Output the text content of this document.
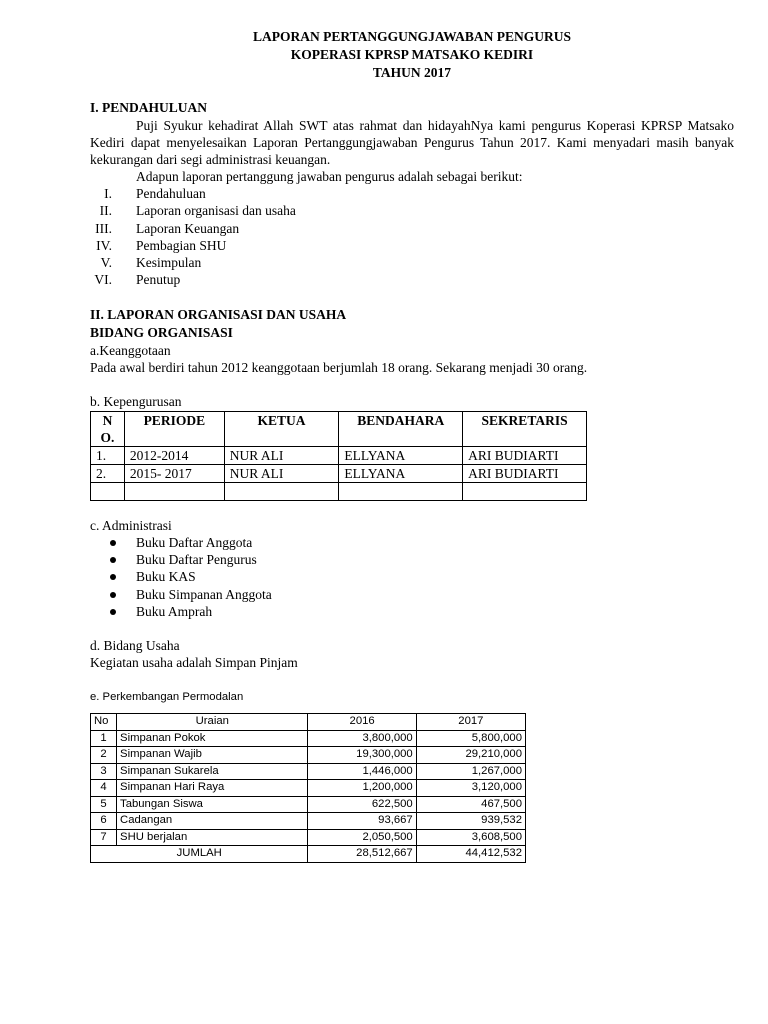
LAPORAN PERTANGGUNGJAWABAN PENGURUS
KOPERASI KPRSP MATSAKO KEDIRI
TAHUN 2017
I. PENDAHULUAN

Puji Syukur kehadirat Allah SWT atas rahmat dan hidayahNya kami pengurus Koperasi KPRSP Matsako Kediri dapat menyelesaikan Laporan Pertanggungjawaban Pengurus Tahun 2017. Kami menyadari masih banyak kekurangan dari segi administrasi keuangan.

Adapun laporan pertanggung jawaban pengurus adalah sebagai berikut:

I. Pendahuluan
II. Laporan organisasi dan usaha
III. Laporan Keuangan
IV. Pembagian SHU
V. Kesimpulan
VI. Penutup
II. LAPORAN ORGANISASI DAN USAHA
BIDANG ORGANISASI

a.Keanggotaan

Pada awal berdiri tahun 2012 keanggotaan berjumlah 18 orang. Sekarang menjadi 30 orang.

b. Kepengurusan

NO.	PERIODE	KETUA	BENDAHARA	SEKRETARIS
1.	2012-2014	NUR ALI	ELLYANA	ARI BUDIARTI
2.	2015- 2017	NUR ALI	ELLYANA	ARI BUDIARTI

c. Administrasi

Buku Daftar Anggota
Buku Daftar Pengurus
Buku KAS
Buku Simpanan Anggota
Buku Amprah

d. Bidang Usaha

Kegiatan usaha adalah Simpan Pinjam

e. Perkembangan Permodalan

No	Uraian	2016	2017
1	Simpanan Pokok	3,800,000	5,800,000
2	Simpanan Wajib	19,300,000	29,210,000
3	Simpanan Sukarela	1,446,000	1,267,000
4	Simpanan Hari Raya	1,200,000	3,120,000
5	Tabungan Siswa	622,500	467,500
6	Cadangan	93,667	939,532
7	SHU berjalan	2,050,500	3,608,500
JUMLAH		28,512,667	44,412,532
